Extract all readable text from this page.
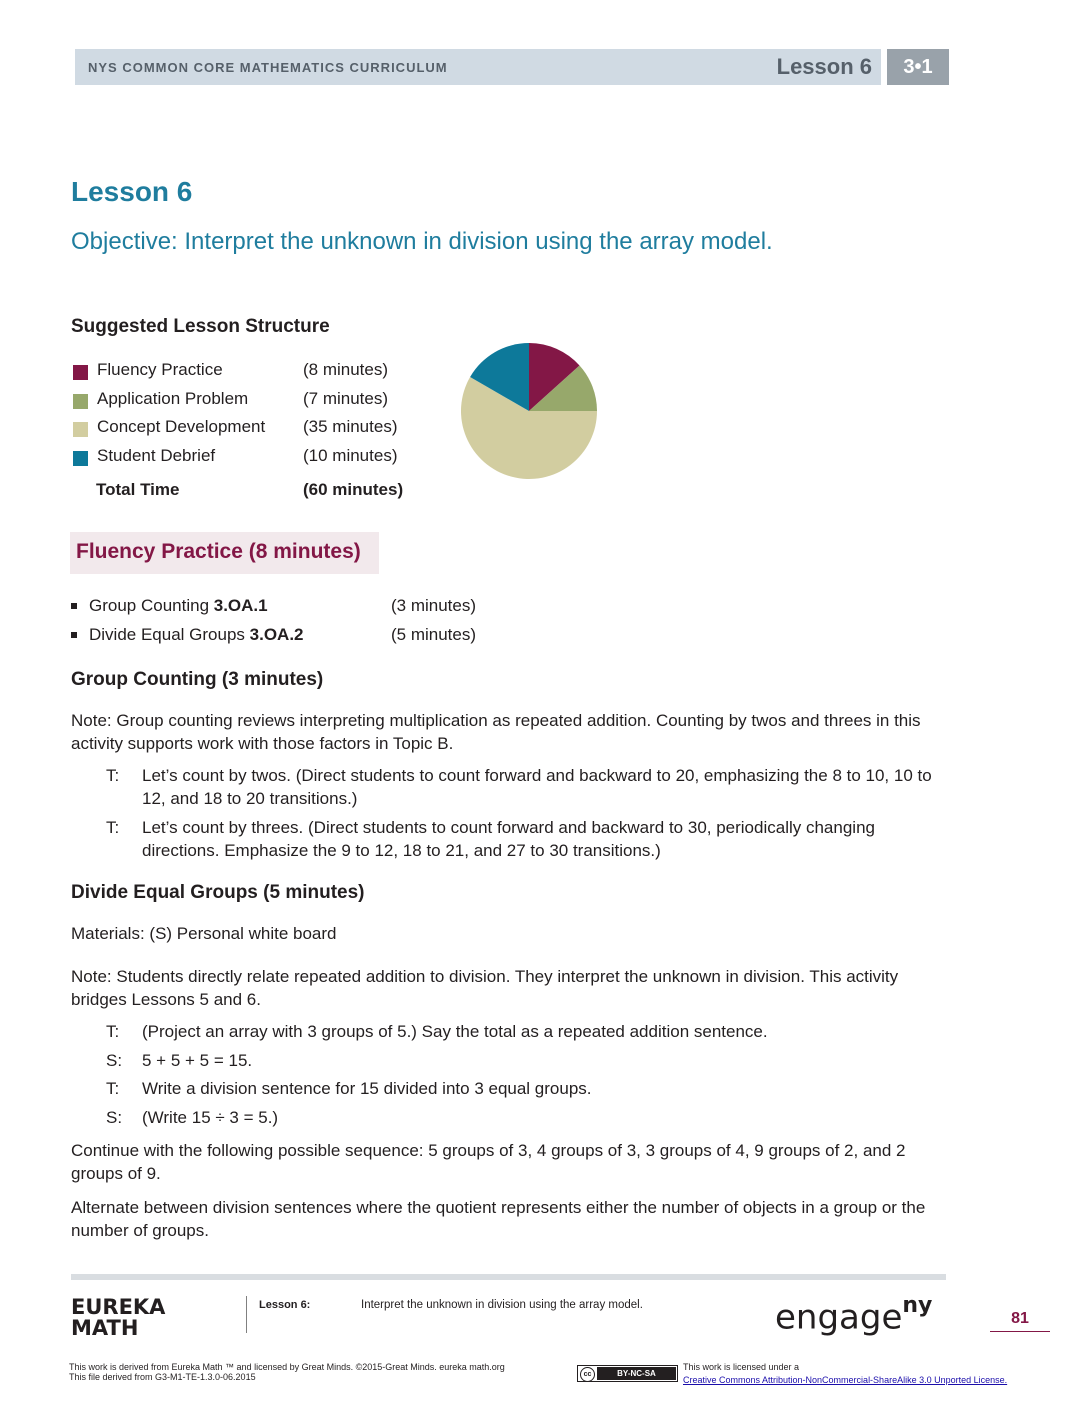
NYS COMMON CORE MATHEMATICS CURRICULUM	Lesson 6	3•1
Lesson 6
Objective: Interpret the unknown in division using the array model.
Suggested Lesson Structure
Fluency Practice	(8 minutes)
Application Problem	(7 minutes)
Concept Development (35 minutes)
Student Debrief	(10 minutes)
Total Time	(60 minutes)
Fluency Practice (8 minutes)
Group Counting 3.OA.1	(3 minutes)
Divide Equal Groups 3.OA.2	(5 minutes)
Group Counting (3 minutes)
Note: Group counting reviews interpreting multiplication as repeated addition. Counting by twos and threes in this activity supports work with those factors in Topic B.
T: Let’s count by twos. (Direct students to count forward and backward to 20, emphasizing the 8 to 10, 10 to 12, and 18 to 20 transitions.)
T: Let’s count by threes. (Direct students to count forward and backward to 30, periodically changing directions. Emphasize the 9 to 12, 18 to 21, and 27 to 30 transitions.)
Divide Equal Groups (5 minutes)
Materials: (S) Personal white board
Note: Students directly relate repeated addition to division. They interpret the unknown in division. This activity bridges Lessons 5 and 6.
T: (Project an array with 3 groups of 5.) Say the total as a repeated addition sentence.
S: 5 + 5 + 5 = 15.
T: Write a division sentence for 15 divided into 3 equal groups.
S: (Write 15 ÷ 3 = 5.)
Continue with the following possible sequence: 5 groups of 3, 4 groups of 3, 3 groups of 4, 9 groups of 2, and 2 groups of 9.
Alternate between division sentences where the quotient represents either the number of objects in a group or the number of groups.
EUREKA
MATH
Lesson 6:	Interpret the unknown in division using the array model.	engage$^{ny}$
81
This work is derived from Eureka Math ™ and licensed by Great Minds. ©2015-Great Minds. eureka math.org
This file derived from G3-M1-TE-1.3.0-06.2015	cc	BY-NC-SA
This work is licensed under a
Creative Commons Attribution-NonCommercial-ShareAlike 3.0 Unported License.
